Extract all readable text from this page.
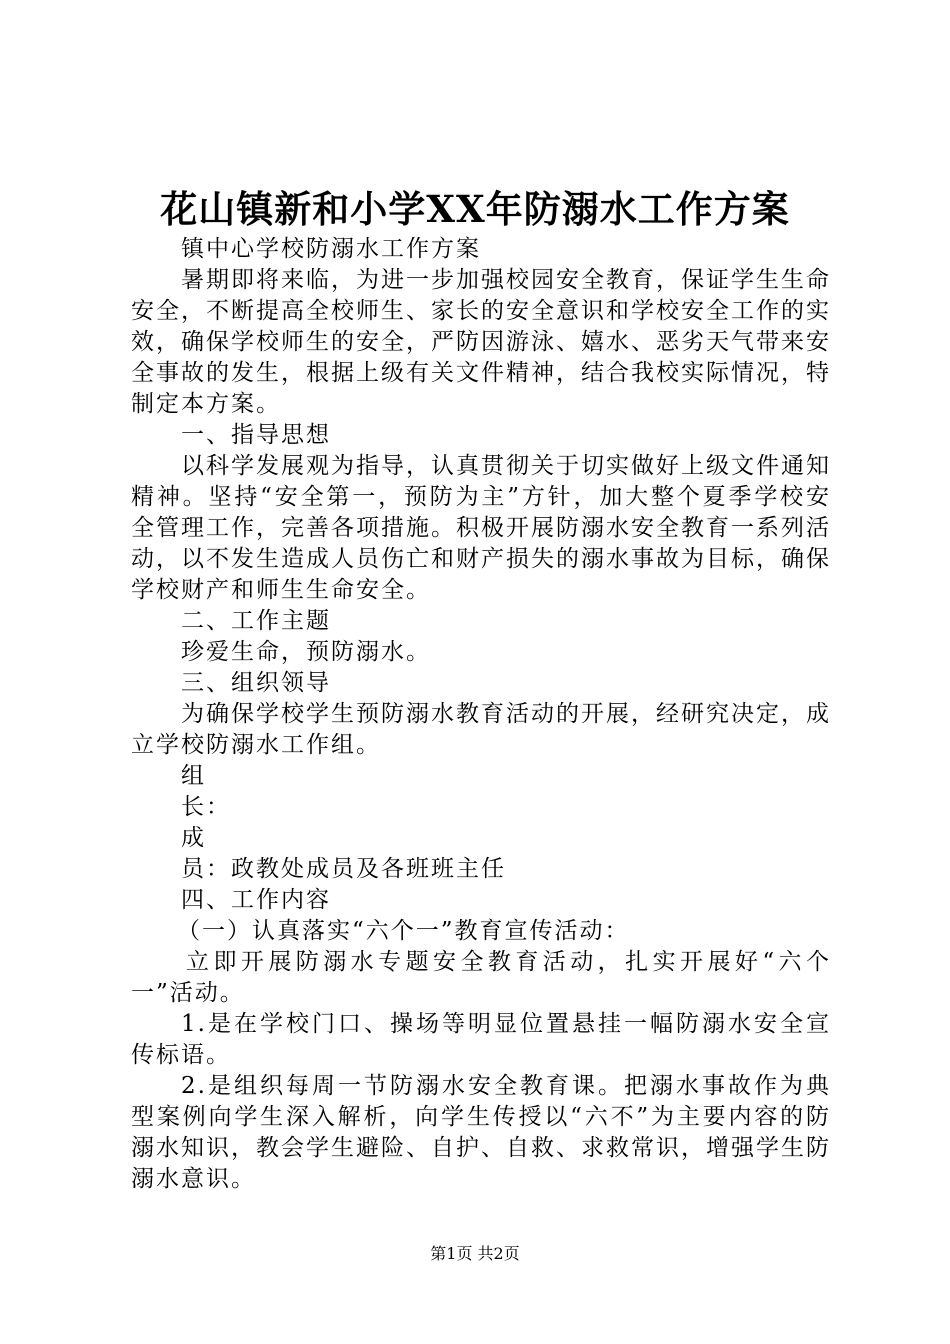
花山镇新和小学XX年防溺水工作方案

镇中心学校防溺水工作方案

暑期即将来临，为进一步加强校园安全教育，保证学生生命安全，不断提高全校师生、家长的安全意识和学校安全工作的实效，确保学校师生的安全，严防因游泳、嬉水、恶劣天气带来安全事故的发生，根据上级有关文件精神，结合我校实际情况，特制定本方案。

一、指导思想

以科学发展观为指导，认真贯彻关于切实做好上级文件通知精神。坚持“安全第一，预防为主”方针，加大整个夏季学校安全管理工作，完善各项措施。积极开展防溺水安全教育一系列活动，以不发生造成人员伤亡和财产损失的溺水事故为目标，确保学校财产和师生生命安全。

二、工作主题

珍爱生命，预防溺水。

三、组织领导

为确保学校学生预防溺水教育活动的开展，经研究决定，成立学校防溺水工作组。

组

长：

成

员：政教处成员及各班班主任

四、工作内容

（一）认真落实“六个一”教育宣传活动：

立即开展防溺水专题安全教育活动，扎实开展好“六个一”活动。

1.是在学校门口、操场等明显位置悬挂一幅防溺水安全宣传标语。

2.是组织每周一节防溺水安全教育课。把溺水事故作为典型案例向学生深入解析，向学生传授以“六不”为主要内容的防溺水知识，教会学生避险、自护、自救、求救常识，增强学生防溺水意识。

第1页 共2页
